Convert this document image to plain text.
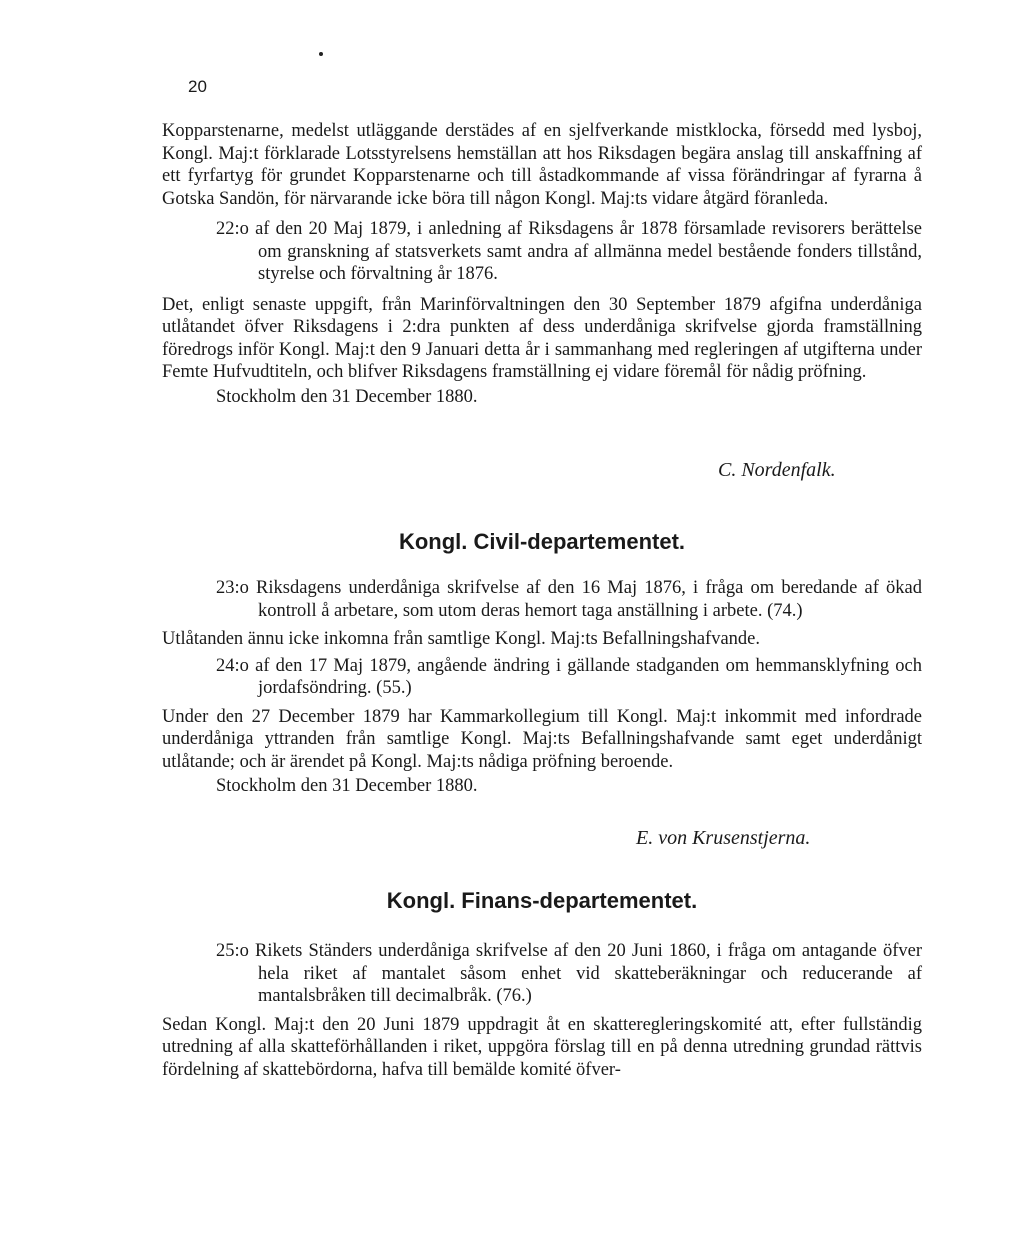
20

Kopparstenarne, medelst utläggande derstädes af en sjelfverkande mistklocka, försedd med lysboj, Kongl. Maj:t förklarade Lotsstyrelsens hemställan att hos Riksdagen begära anslag till anskaffning af ett fyrfartyg för grundet Kopparstenarne och till åstadkommande af vissa förändringar af fyrarna å Gotska Sandön, för närvarande icke böra till någon Kongl. Maj:ts vidare åtgärd föranleda.

22:o af den 20 Maj 1879, i anledning af Riksdagens år 1878 församlade revisorers berättelse om granskning af statsverkets samt andra af allmänna medel bestående fonders tillstånd, styrelse och förvaltning år 1876.

Det, enligt senaste uppgift, från Marinförvaltningen den 30 September 1879 afgifna underdåniga utlåtandet öfver Riksdagens i 2:dra punkten af dess underdåniga skrifvelse gjorda framställning föredrogs inför Kongl. Maj:t den 9 Januari detta år i sammanhang med regleringen af utgifterna under Femte Hufvudtiteln, och blifver Riksdagens framställning ej vidare föremål för nådig pröfning.

Stockholm den 31 December 1880.

C. Nordenfalk.
Kongl. Civil-departementet.

23:o Riksdagens underdåniga skrifvelse af den 16 Maj 1876, i fråga om beredande af ökad kontroll å arbetare, som utom deras hemort taga anställning i arbete. (74.)

Utlåtanden ännu icke inkomna från samtlige Kongl. Maj:ts Befallningshafvande.

24:o af den 17 Maj 1879, angående ändring i gällande stadganden om hemmansklyfning och jordafsöndring. (55.)

Under den 27 December 1879 har Kammarkollegium till Kongl. Maj:t inkommit med infordrade underdåniga yttranden från samtlige Kongl. Maj:ts Befallningshafvande samt eget underdånigt utlåtande; och är ärendet på Kongl. Maj:ts nådiga pröfning beroende.

Stockholm den 31 December 1880.

E. von Krusenstjerna.
Kongl. Finans-departementet.

25:o Rikets Ständers underdåniga skrifvelse af den 20 Juni 1860, i fråga om antagande öfver hela riket af mantalet såsom enhet vid skatteberäkningar och reducerande af mantalsbråken till decimalbråk. (76.)

Sedan Kongl. Maj:t den 20 Juni 1879 uppdragit åt en skatteregleringskomité att, efter fullständig utredning af alla skatteförhållanden i riket, uppgöra förslag till en på denna utredning grundad rättvis fördelning af skattebördorna, hafva till bemälde komité öfver-
